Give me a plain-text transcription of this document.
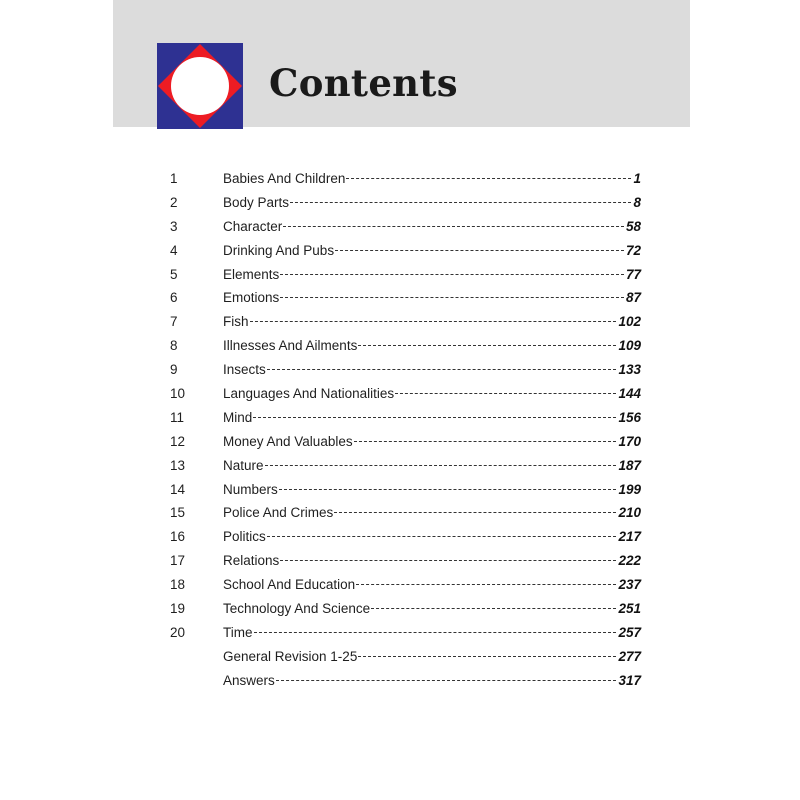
Contents
1	Babies And Children	1
2	Body Parts	8
3	Character	58
4	Drinking And Pubs	72
5	Elements	77
6	Emotions	87
7	Fish	102
8	Illnesses And Ailments	109
9	Insects	133
10	Languages And Nationalities	144
11	Mind	156
12	Money And Valuables	170
13	Nature	187
14	Numbers	199
15	Police And Crimes	210
16	Politics	217
17	Relations	222
18	School And Education	237
19	Technology And Science	251
20	Time	257
General Revision 1-25	277
Answers	317
